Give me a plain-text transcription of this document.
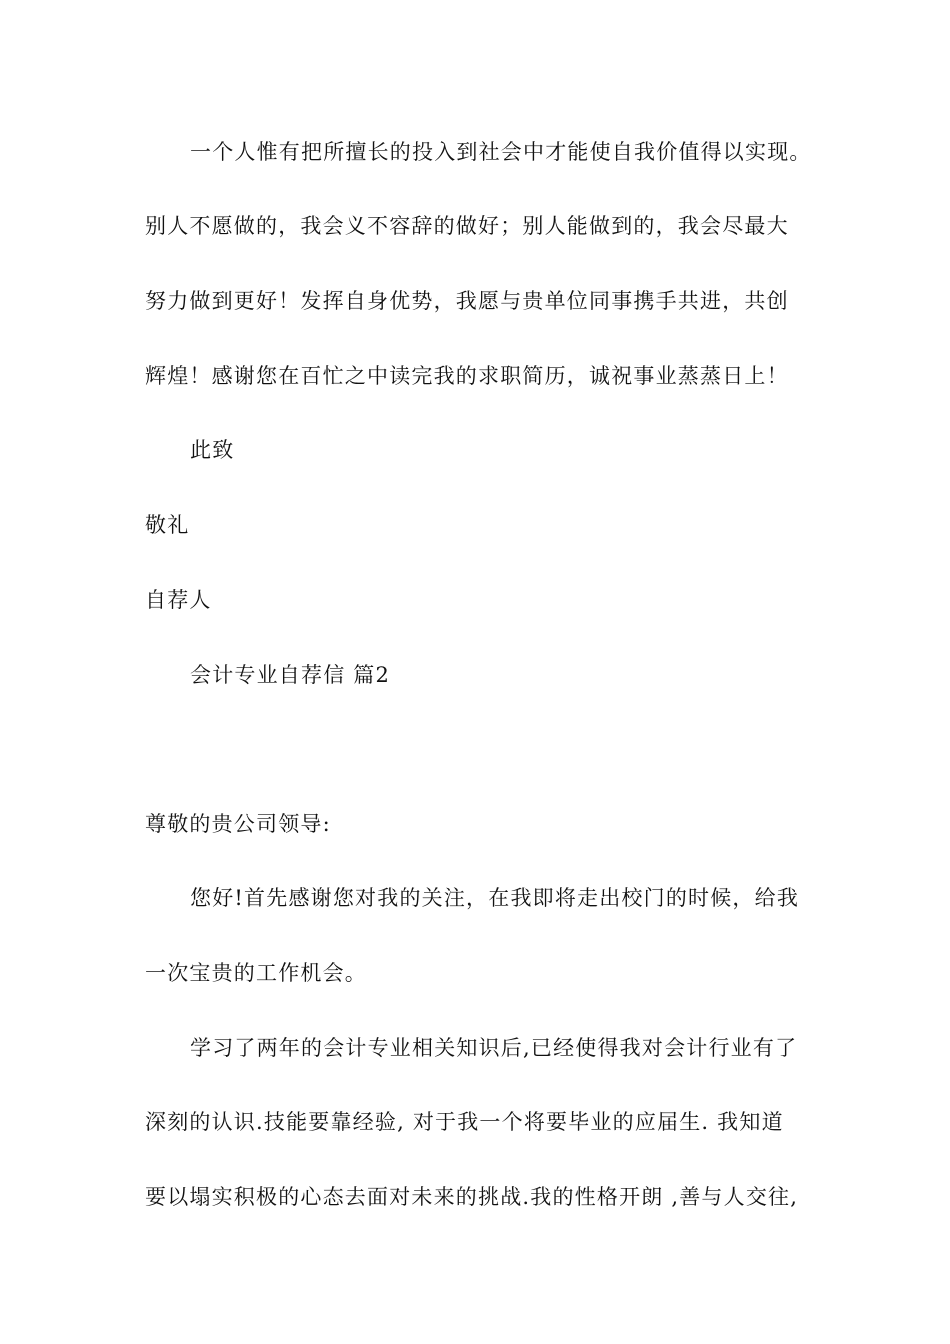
一个人惟有把所擅长的投入到社会中才能使自我价值得以实现。
别人不愿做的，我会义不容辞的做好；别人能做到的，我会尽最大
努力做到更好！发挥自身优势，我愿与贵单位同事携手共进，共创
辉煌！感谢您在百忙之中读完我的求职简历，诚祝事业蒸蒸日上！
此致
敬礼
自荐人
会计专业自荐信 篇2
尊敬的贵公司领导:
您好!首先感谢您对我的关注，在我即将走出校门的时候，给我
一次宝贵的工作机会。
学习了两年的会计专业相关知识后,已经使得我对会计行业有了
深刻的认识.技能要靠经验, 对于我一个将要毕业的应届生. 我知道
要以塌实积极的心态去面对未来的挑战.我的性格开朗 ,善与人交往,
